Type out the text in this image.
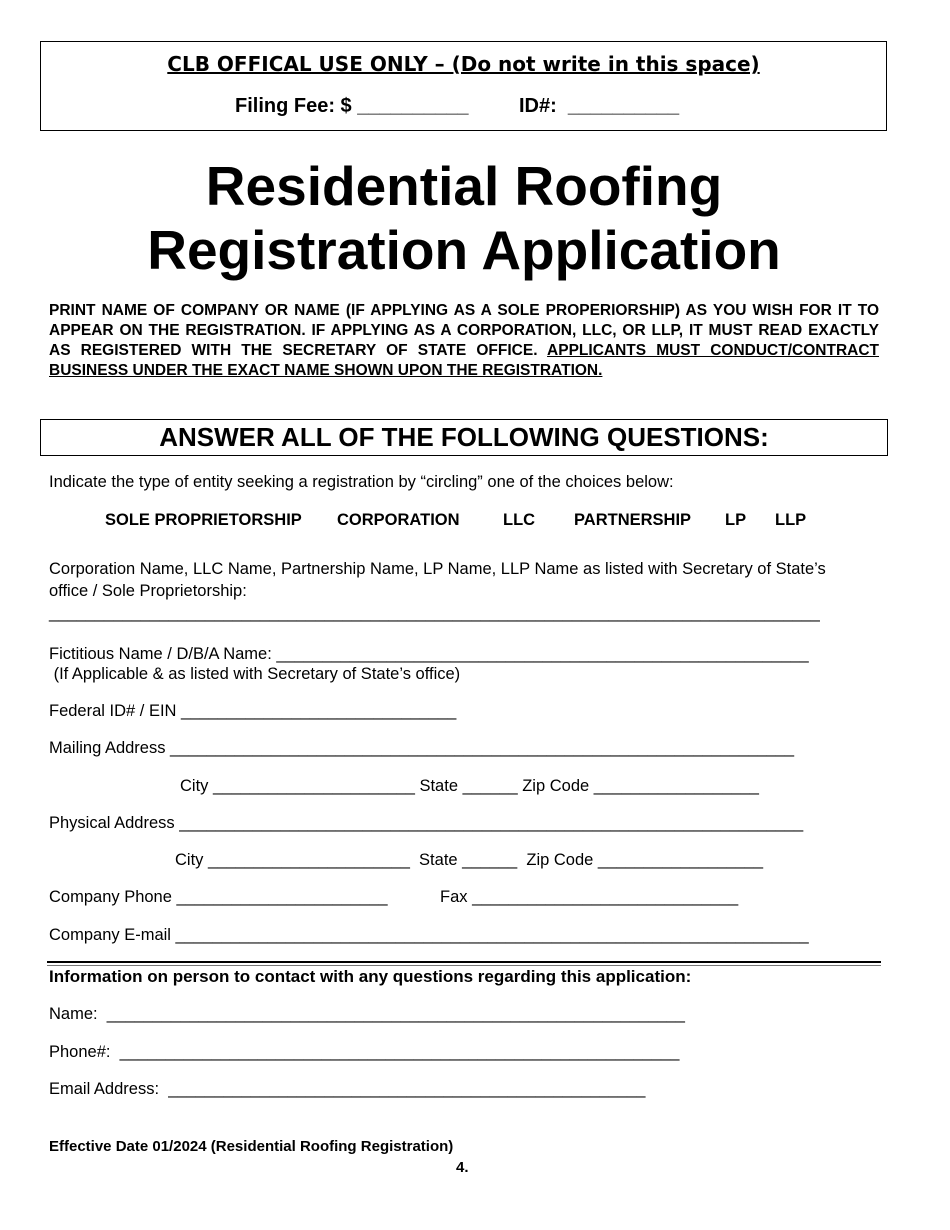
CLB OFFICAL USE ONLY – (Do not write in this space)
Filing Fee: $ __________	ID#:  __________
Residential Roofing
Registration Application
PRINT NAME OF COMPANY OR NAME (IF APPLYING AS A SOLE PROPERIORSHIP) AS YOU WISH FOR IT TO APPEAR ON THE REGISTRATION. IF APPLYING AS A CORPORATION, LLC, OR LLP, IT MUST READ EXACTLY AS REGISTERED WITH THE SECRETARY OF STATE OFFICE. APPLICANTS MUST CONDUCT/CONTRACT BUSINESS UNDER THE EXACT NAME SHOWN UPON THE REGISTRATION.
ANSWER ALL OF THE FOLLOWING QUESTIONS:
Indicate the type of entity seeking a registration by “circling” one of the choices below:
SOLE PROPRIETORSHIP CORPORATION	LLC PARTNERSHIP LP LLP
Corporation Name, LLC Name, Partnership Name, LP Name, LLP Name as listed with Secretary of State’s
office / Sole Proprietorship:
____________________________________________________________________________________
Fictitious Name / D/B/A Name: __________________________________________________________
(If Applicable & as listed with Secretary of State’s office)
Federal ID# / EIN ______________________________
Mailing Address ____________________________________________________________________
City ______________________ State ______ Zip Code __________________
Physical Address ____________________________________________________________________
City ______________________  State ______  Zip Code __________________
Company Phone _______________________	Fax _____________________________
Company E-mail _____________________________________________________________________
Information on person to contact with any questions regarding this application:
Name:  _______________________________________________________________
Phone#:  _____________________________________________________________
Email Address:  ____________________________________________________
Effective Date 01/2024 (Residential Roofing Registration)
4.
